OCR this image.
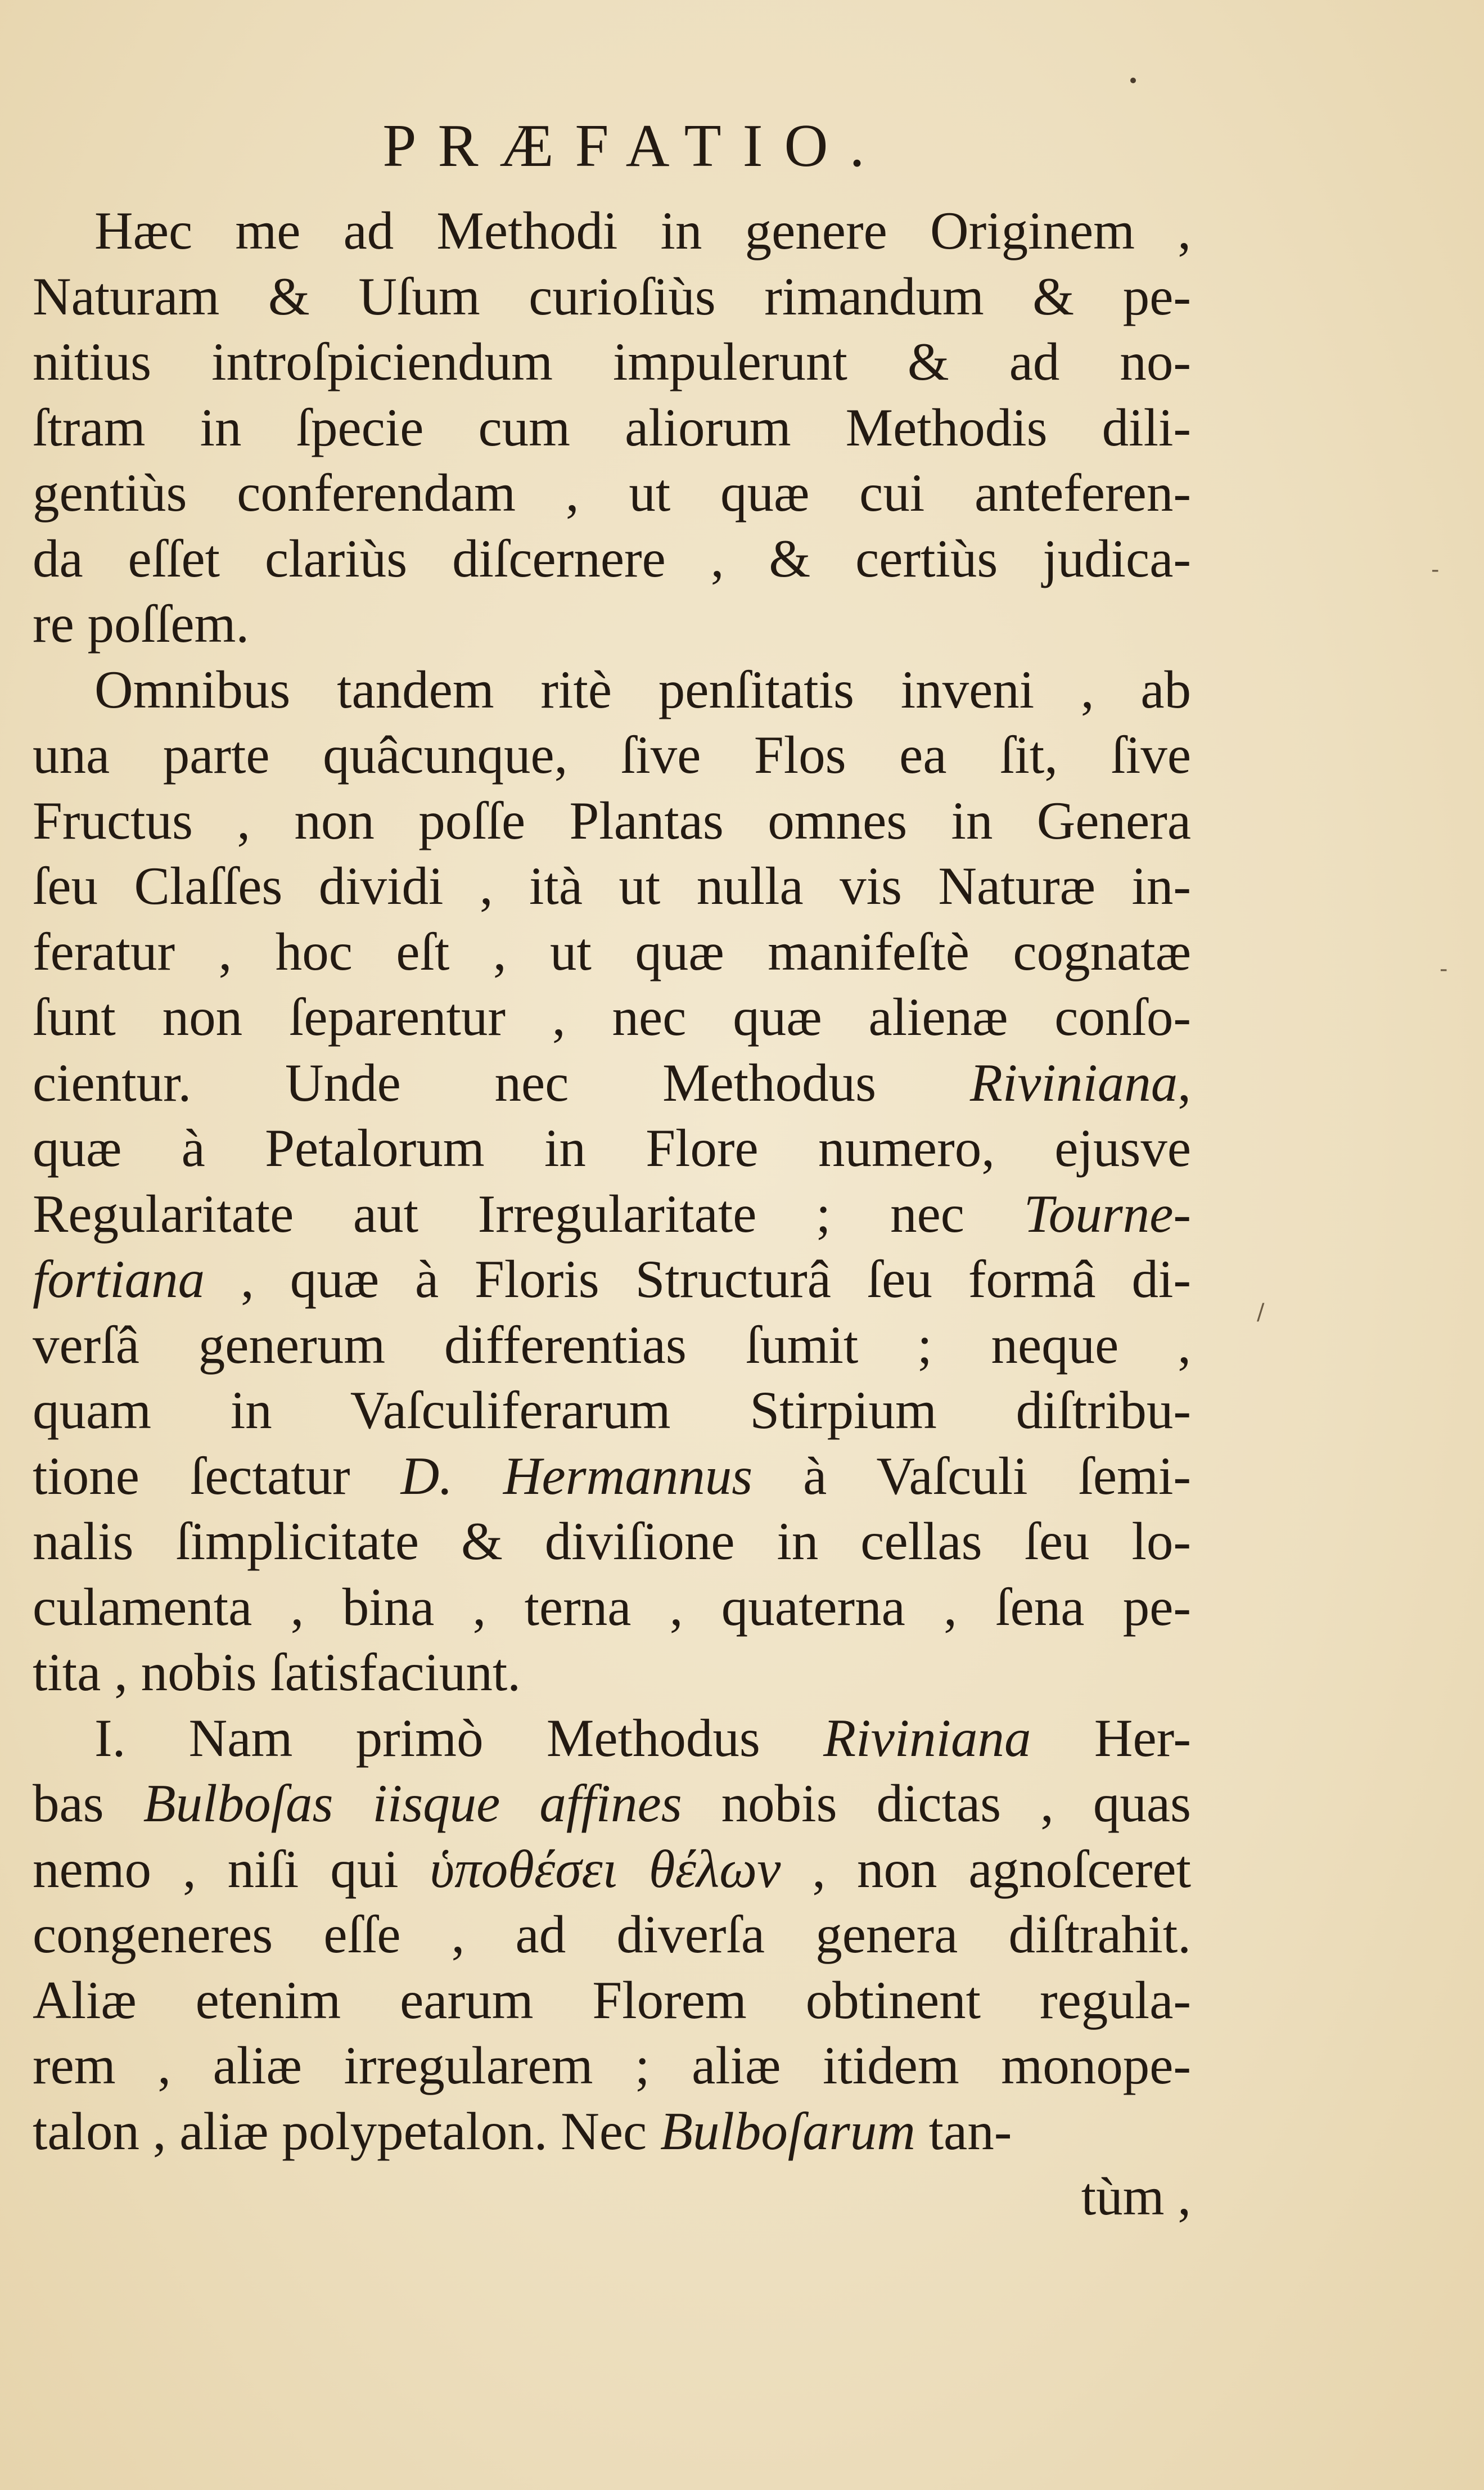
-
-
/
PRÆFATIO.
Hæc me ad Methodi in genere Originem ,
Naturam & Uſum curioſiùs rimandum & pe-
nitius introſpiciendum impulerunt & ad no-
ſtram in ſpecie cum aliorum Methodis dili-
gentiùs conferendam , ut quæ cui anteferen-
da eſſet clariùs diſcernere , & certiùs judica-
re poſſem.
Omnibus tandem ritè penſitatis inveni , ab
una parte quâcunque, ſive Flos ea ſit, ſive
Fructus , non poſſe Plantas omnes in Genera
ſeu Claſſes dividi , ità ut nulla vis Naturæ in-
feratur , hoc eſt , ut quæ manifeſtè cognatæ
ſunt non ſeparentur , nec quæ alienæ conſo-
cientur. Unde nec Methodus Riviniana,
quæ à Petalorum in Flore numero, ejusve
Regularitate aut Irregularitate ; nec Tourne-
fortiana , quæ à Floris Structurâ ſeu formâ di-
verſâ generum differentias ſumit ; neque ,
quam in Vaſculiferarum Stirpium diſtribu-
tione ſectatur D. Hermannus à Vaſculi ſemi-
nalis ſimplicitate & diviſione in cellas ſeu lo-
culamenta , bina , terna , quaterna , ſena pe-
tita , nobis ſatisfaciunt.
I. Nam primò Methodus Riviniana Her-
bas Bulboſas iisque affines nobis dictas , quas
nemo , niſi qui ὑποθέσει θέλων , non agnoſceret
congeneres eſſe , ad diverſa genera diſtrahit.
Aliæ etenim earum Florem obtinent regula-
rem , aliæ irregularem ; aliæ itidem monope-
talon , aliæ polypetalon. Nec Bulboſarum tan-
tùm ,
